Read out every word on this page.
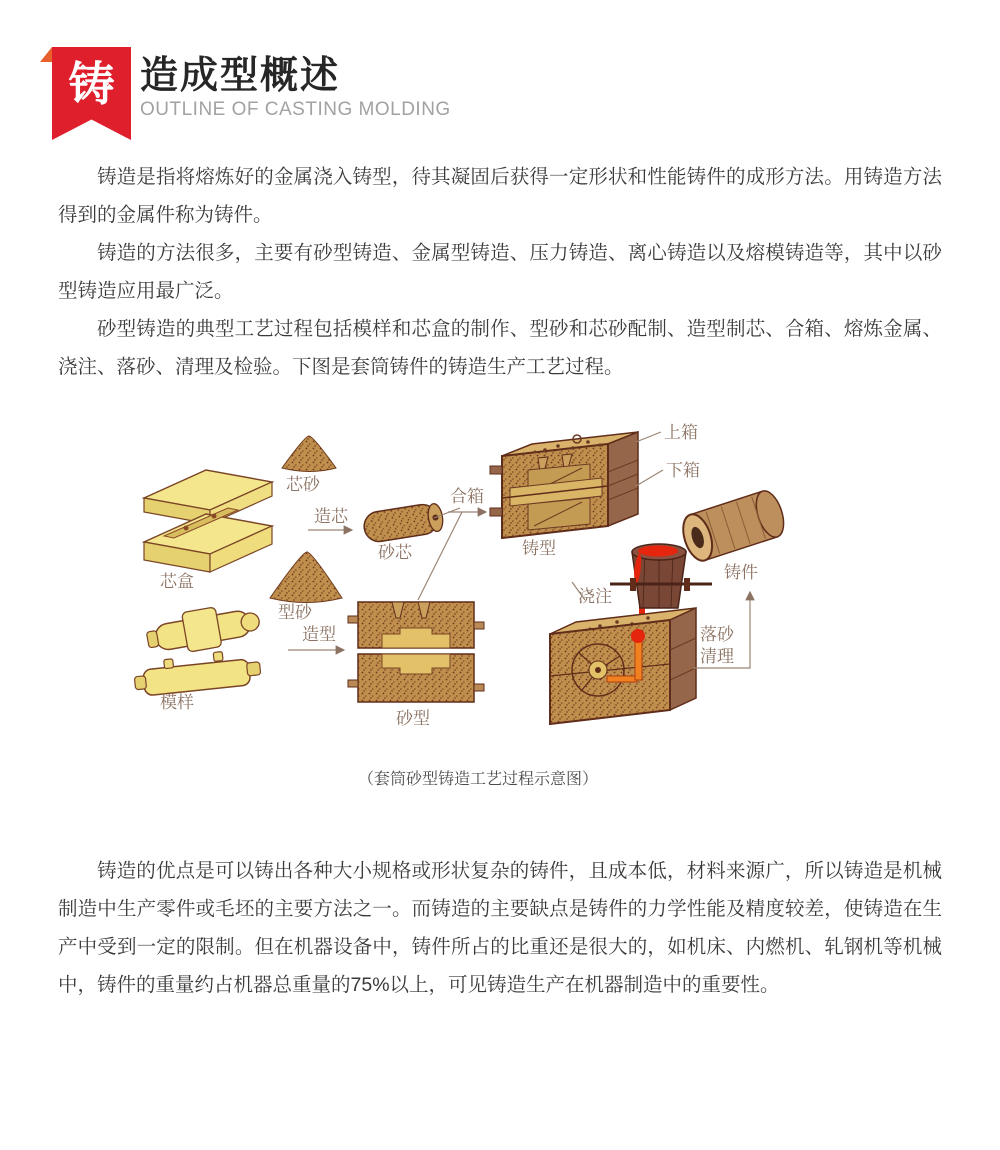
铸 造成型概述
OUTLINE OF CASTING MOLDING

铸造是指将熔炼好的金属浇入铸型，待其凝固后获得一定形状和性能铸件的成形方法。用铸造方法得到的金属件称为铸件。

铸造的方法很多，主要有砂型铸造、金属型铸造、压力铸造、离心铸造以及熔模铸造等，其中以砂型铸造应用最广泛。

砂型铸造的典型工艺过程包括模样和芯盒的制作、型砂和芯砂配制、造型制芯、合箱、熔炼金属、浇注、落砂、清理及检验。下图是套筒铸件的铸造生产工艺过程。

芯盒
模样
芯砂
造芯
砂芯
型砂
造型
砂型
合箱
铸型
上箱
下箱
铸件
浇注
落砂
清理
（套筒砂型铸造工艺过程示意图）

铸造的优点是可以铸出各种大小规格或形状复杂的铸件，且成本低，材料来源广，所以铸造是机械制造中生产零件或毛坯的主要方法之一。而铸造的主要缺点是铸件的力学性能及精度较差，使铸造在生产中受到一定的限制。但在机器设备中，铸件所占的比重还是很大的，如机床、内燃机、轧钢机等机械中，铸件的重量约占机器总重量的75%以上，可见铸造生产在机器制造中的重要性。
